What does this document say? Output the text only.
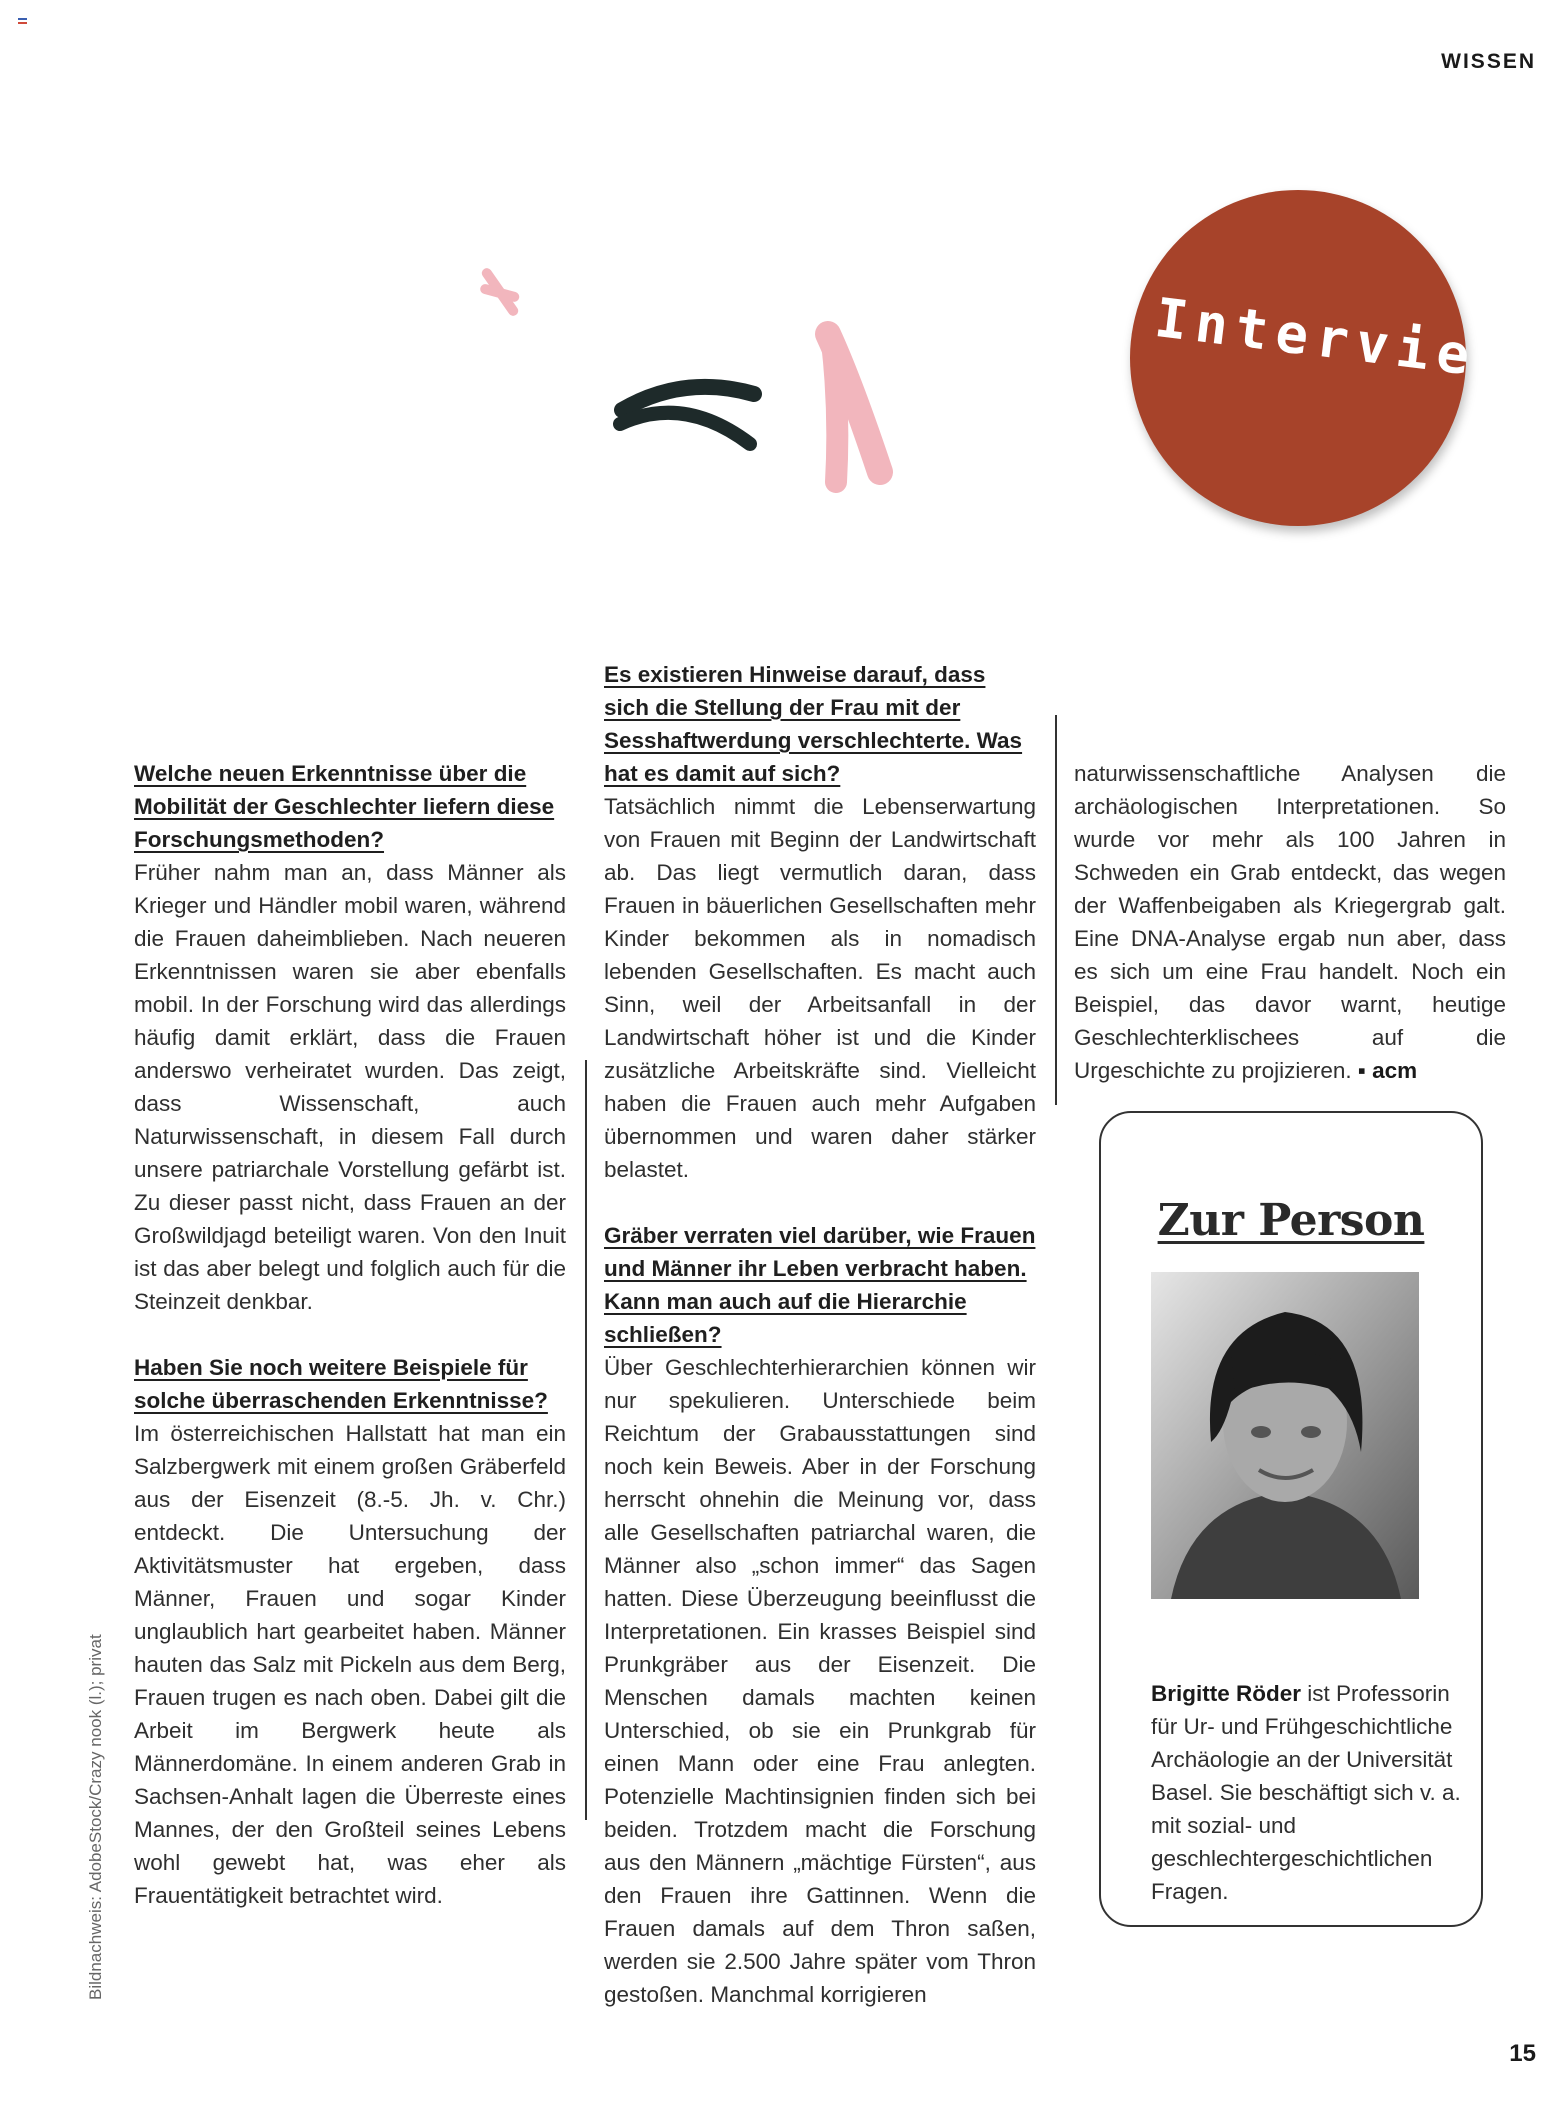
WISSEN
Interview

Welche neuen Erkenntnisse über die Mobilität der Geschlechter liefern diese Forschungsmethoden?

Früher nahm man an, dass Männer als Krieger und Händler mobil waren, während die Frauen daheimblieben. Nach neueren Erkenntnissen waren sie aber ebenfalls mobil. In der Forschung wird das allerdings häufig damit erklärt, dass die Frauen anderswo verheiratet wurden. Das zeigt, dass Wissenschaft, auch Naturwissenschaft, in diesem Fall durch unsere patriarchale Vorstellung gefärbt ist. Zu dieser passt nicht, dass Frauen an der Großwildjagd beteiligt waren. Von den Inuit ist das aber belegt und folglich auch für die Steinzeit denkbar.

Haben Sie noch weitere Beispiele für solche überraschenden Erkenntnisse?

Im österreichischen Hallstatt hat man ein Salzbergwerk mit einem großen Gräberfeld aus der Eisenzeit (8.-5. Jh. v. Chr.) entdeckt. Die Untersuchung der Aktivitätsmuster hat ergeben, dass Männer, Frauen und sogar Kinder unglaublich hart gearbeitet haben. Männer hauten das Salz mit Pickeln aus dem Berg, Frauen trugen es nach oben. Dabei gilt die Arbeit im Bergwerk heute als Männerdomäne. In einem anderen Grab in Sachsen-Anhalt lagen die Überreste eines Mannes, der den Großteil seines Lebens wohl gewebt hat, was eher als Frauentätigkeit betrachtet wird.

Es existieren Hinweise darauf, dass sich die Stellung der Frau mit der Sesshaftwerdung verschlechterte. Was hat es damit auf sich?

Tatsächlich nimmt die Lebenserwartung von Frauen mit Beginn der Landwirtschaft ab. Das liegt vermutlich daran, dass Frauen in bäuerlichen Gesellschaften mehr Kinder bekommen als in nomadisch lebenden Gesellschaften. Es macht auch Sinn, weil der Arbeitsanfall in der Landwirtschaft höher ist und die Kinder zusätzliche Arbeitskräfte sind. Vielleicht haben die Frauen auch mehr Aufgaben übernommen und waren daher stärker belastet.

Gräber verraten viel darüber, wie Frauen und Männer ihr Leben verbracht haben. Kann man auch auf die Hierarchie schließen?

Über Geschlechterhierarchien können wir nur spekulieren. Unterschiede beim Reichtum der Grabausstattungen sind noch kein Beweis. Aber in der Forschung herrscht ohnehin die Meinung vor, dass alle Gesellschaften patriarchal waren, die Männer also „schon immer“ das Sagen hatten. Diese Überzeugung beeinflusst die Interpretationen. Ein krasses Beispiel sind Prunkgräber aus der Eisenzeit. Die Menschen damals machten keinen Unterschied, ob sie ein Prunkgrab für einen Mann oder eine Frau anlegten. Potenzielle Machtinsignien finden sich bei beiden. Trotzdem macht die Forschung aus den Männern „mächtige Fürsten“, aus den Frauen ihre Gattinnen. Wenn die Frauen damals auf dem Thron saßen, werden sie 2.500 Jahre später vom Thron gestoßen. Manchmal korrigieren

naturwissenschaftliche Analysen die archäologischen Interpretationen. So wurde vor mehr als 100 Jahren in Schweden ein Grab entdeckt, das wegen der Waffenbeigaben als Kriegergrab galt. Eine DNA-Analyse ergab nun aber, dass es sich um eine Frau handelt. Noch ein Beispiel, das davor warnt, heutige Geschlechterklischees auf die Urgeschichte zu projizieren. ▪ acm

Zur Person
Brigitte Röder ist Professorin für Ur- und Frühgeschichtliche Archäologie an der Universität Basel. Sie beschäftigt sich v. a. mit sozial- und geschlechtergeschichtlichen Fragen.
Bildnachweis: AdobeStock/Crazy nook (l.); privat
15
